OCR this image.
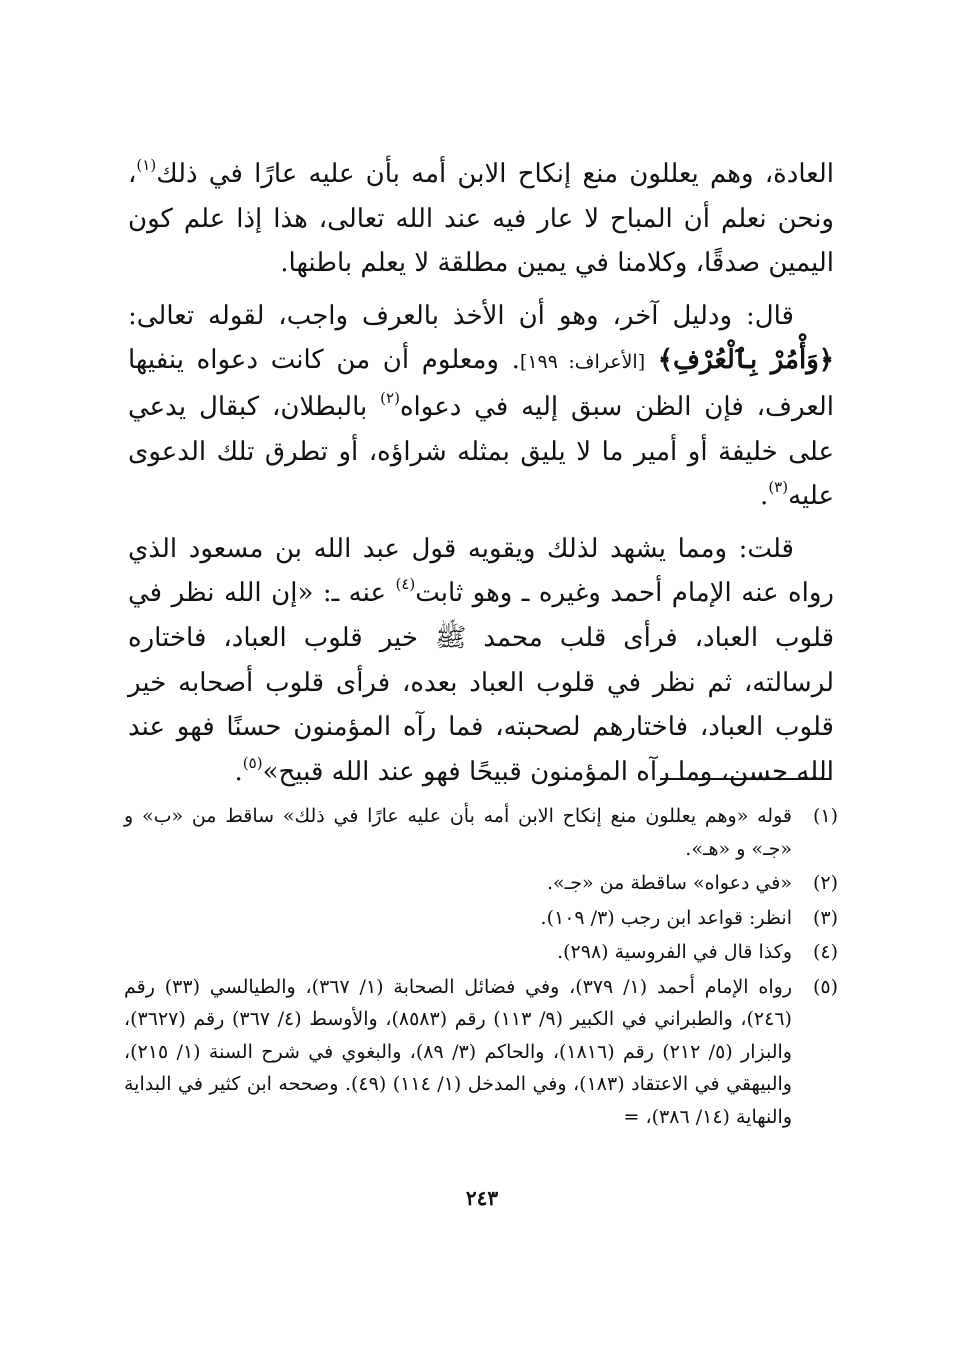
العادة، وهم يعللون منع إنكاح الابن أمه بأن عليه عارًا في ذلك$^{(١)}$، ونحن نعلم أن المباح لا عار فيه عند الله تعالى، هذا إذا علم كون اليمين صدقًا، وكلامنا في يمين مطلقة لا يعلم باطنها.

قال: ودليل آخر، وهو أن الأخذ بالعرف واجب، لقوله تعالى: ﴿وَأْمُرْ بِٱلْعُرْفِ﴾ [الأعراف: ١٩٩]. ومعلوم أن من كانت دعواه ينفيها العرف، فإن الظن سبق إليه في دعواه$^{(٢)}$ بالبطلان، كبقال يدعي على خليفة أو أمير ما لا يليق بمثله شراؤه، أو تطرق تلك الدعوى عليه$^{(٣)}$.

قلت: ومما يشهد لذلك ويقويه قول عبد الله بن مسعود الذي رواه عنه الإمام أحمد وغيره ـ وهو ثابت$^{(٤)}$ عنه ـ: «إن الله نظر في قلوب العباد، فرأى قلب محمد ﷺ خير قلوب العباد، فاختاره لرسالته، ثم نظر في قلوب العباد بعده، فرأى قلوب أصحابه خير قلوب العباد، فاختارهم لصحبته، فما رآه المؤمنون حسنًا فهو عند الله حسن، وما رآه المؤمنون قبيحًا فهو عند الله قبيح»$^{(٥)}$.

(١)
قوله «وهم يعللون منع إنكاح الابن أمه بأن عليه عارًا في ذلك» ساقط من «ب» و «جـ» و «هـ».
(٢)
«في دعواه» ساقطة من «جـ».
(٣)
انظر: قواعد ابن رجب (٣/ ١٠٩).
(٤)
وكذا قال في الفروسية (٢٩٨).
(٥)
رواه الإمام أحمد (١/ ٣٧٩)، وفي فضائل الصحابة (١/ ٣٦٧)، والطيالسي (٣٣) رقم (٢٤٦)، والطبراني في الكبير (٩/ ١١٣) رقم (٨٥٨٣)، والأوسط (٤/ ٣٦٧) رقم (٣٦٢٧)، والبزار (٥/ ٢١٢) رقم (١٨١٦)، والحاكم (٣/ ٨٩)، والبغوي في شرح السنة (١/ ٢١٥)، والبيهقي في الاعتقاد (١٨٣)، وفي المدخل (١/ ١١٤) (٤٩). وصححه ابن كثير في البداية والنهاية (١٤/ ٣٨٦)، =
٢٤٣
